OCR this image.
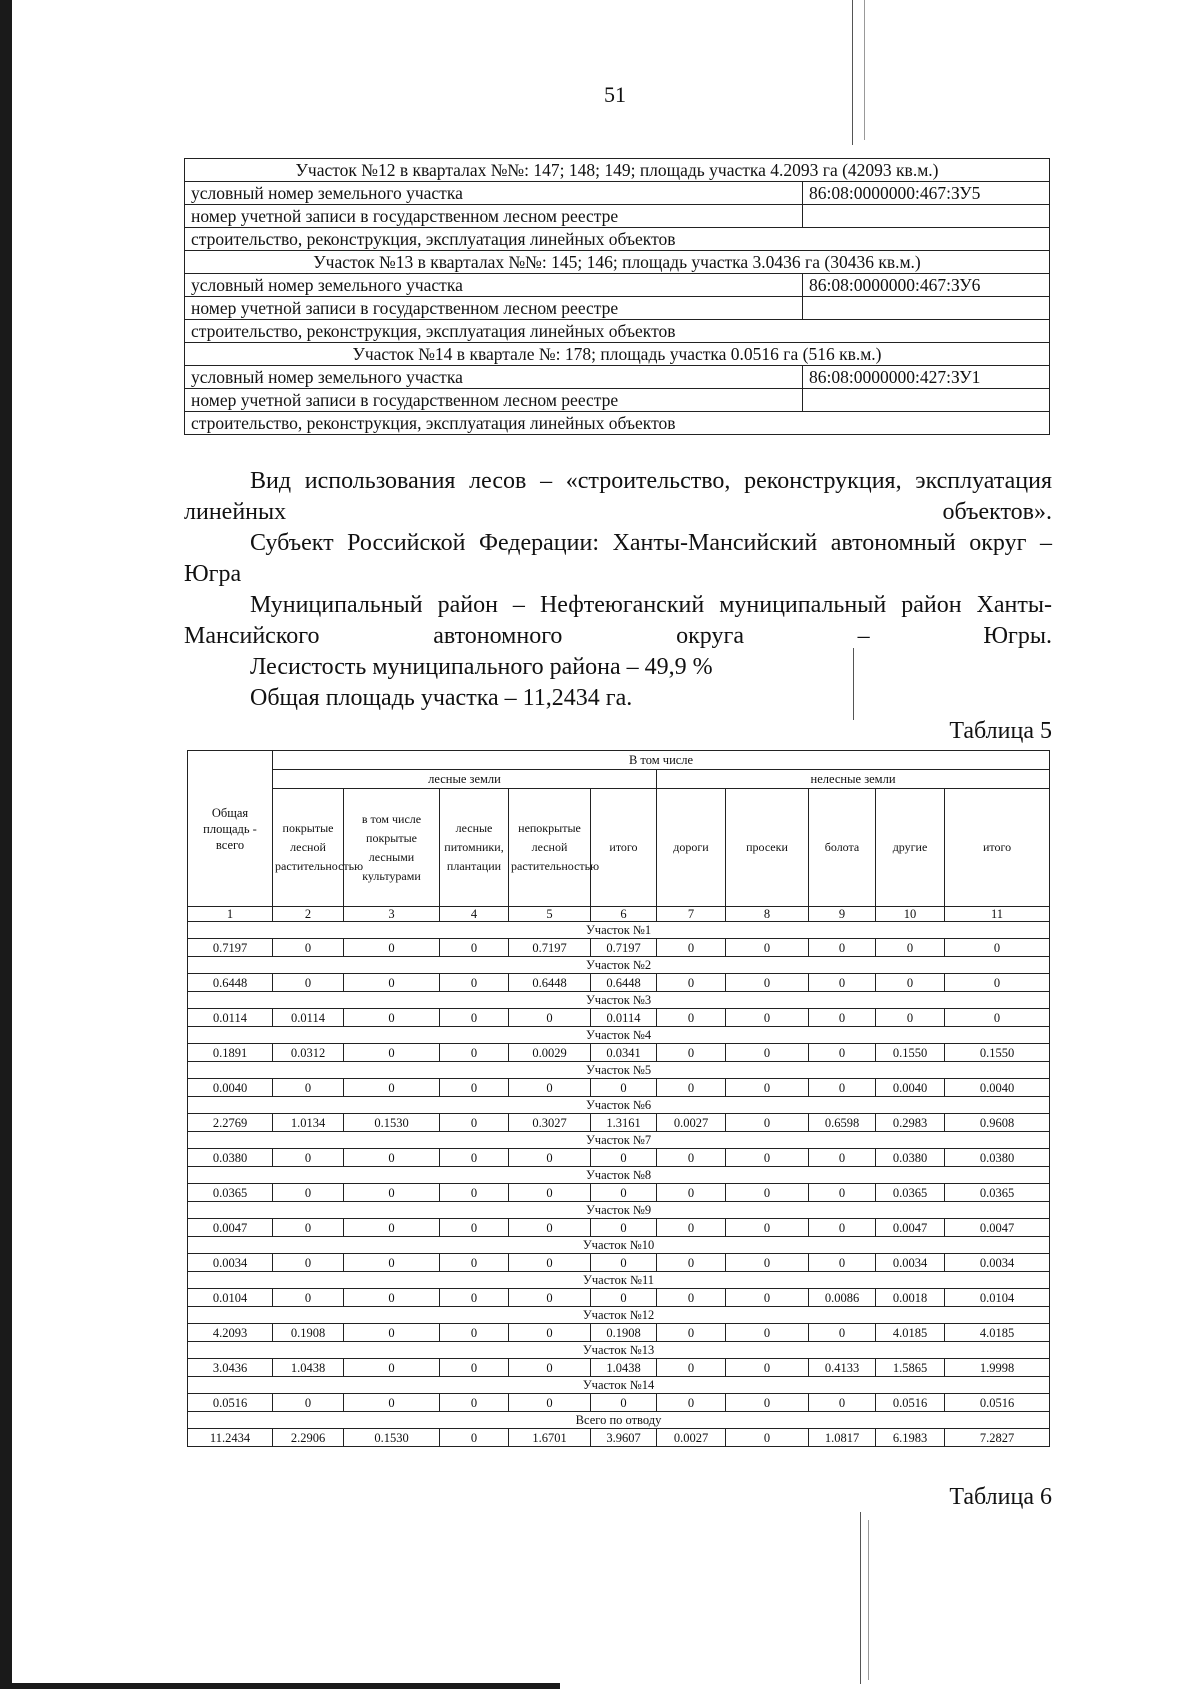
51
Участок №12 в кварталах №№: 147; 148; 149; площадь участка 4.2093 га (42093 кв.м.)	
условный номер земельного участка	86:08:0000000:467:ЗУ5
номер учетной записи в государственном лесном реестре	
строительство, реконструкция, эксплуатация линейных объектов	
Участок №13 в кварталах №№: 145; 146; площадь участка 3.0436 га (30436 кв.м.)	
условный номер земельного участка	86:08:0000000:467:ЗУ6
номер учетной записи в государственном лесном реестре	
строительство, реконструкция, эксплуатация линейных объектов	
Участок №14 в квартале №: 178; площадь участка 0.0516 га (516 кв.м.)	
условный номер земельного участка	86:08:0000000:427:ЗУ1
номер учетной записи в государственном лесном реестре	
строительство, реконструкция, эксплуатация линейных объектов	

Вид использования лесов – «строительство, реконструкция, эксплуатация линейных объектов».

Субъект Российской Федерации: Ханты-Мансийский автономный округ – Югра

Муниципальный район – Нефтеюганский муниципальный район Ханты-Мансийского автономного округа – Югры.

Лесистость муниципального района – 49,9 %

Общая площадь участка – 11,2434 га.

Таблица 5
Общая площадь - всего	В том числе									
	лесные земли					нелесные земли				
	покрытые лесной растительностью	в том числе покрытые лесными культурами	лесные питомники, плантации	непокрытые лесной растительностью	итого	дороги	просеки	болота	другие	итого
1	2	3	4	5	6	7	8	9	10	11
Участок №1										
0.7197	0	0	0	0.7197	0.7197	0	0	0	0	0
Участок №2										
0.6448	0	0	0	0.6448	0.6448	0	0	0	0	0
Участок №3										
0.0114	0.0114	0	0	0	0.0114	0	0	0	0	0
Участок №4										
0.1891	0.0312	0	0	0.0029	0.0341	0	0	0	0.1550	0.1550
Участок №5										
0.0040	0	0	0	0	0	0	0	0	0.0040	0.0040
Участок №6										
2.2769	1.0134	0.1530	0	0.3027	1.3161	0.0027	0	0.6598	0.2983	0.9608
Участок №7										
0.0380	0	0	0	0	0	0	0	0	0.0380	0.0380
Участок №8										
0.0365	0	0	0	0	0	0	0	0	0.0365	0.0365
Участок №9										
0.0047	0	0	0	0	0	0	0	0	0.0047	0.0047
Участок №10										
0.0034	0	0	0	0	0	0	0	0	0.0034	0.0034
Участок №11										
0.0104	0	0	0	0	0	0	0	0.0086	0.0018	0.0104
Участок №12										
4.2093	0.1908	0	0	0	0.1908	0	0	0	4.0185	4.0185
Участок №13										
3.0436	1.0438	0	0	0	1.0438	0	0	0.4133	1.5865	1.9998
Участок №14										
0.0516	0	0	0	0	0	0	0	0	0.0516	0.0516
Всего по отводу										
11.2434	2.2906	0.1530	0	1.6701	3.9607	0.0027	0	1.0817	6.1983	7.2827
Таблица 6
